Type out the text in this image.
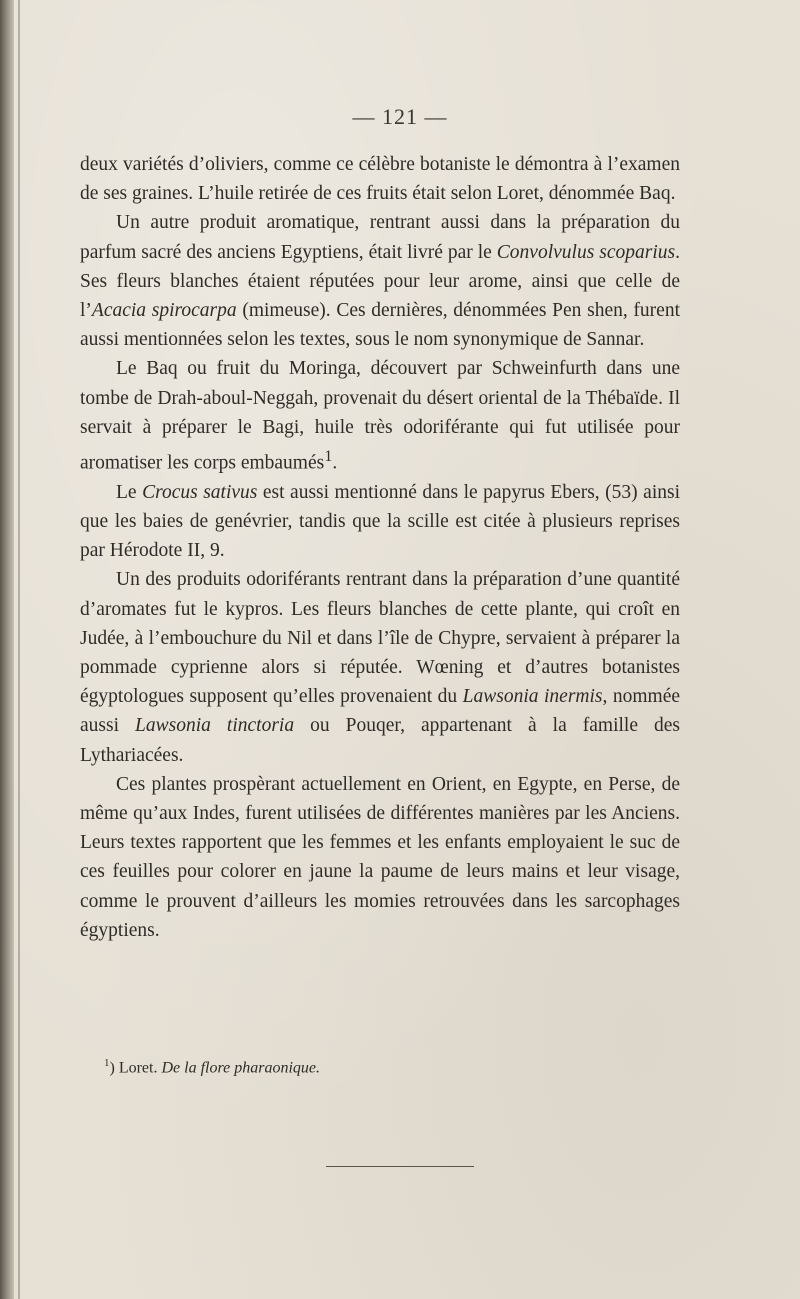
— 121 —

deux variétés d’oliviers, comme ce célèbre botaniste le démontra à l’examen de ses graines. L’huile retirée de ces fruits était selon Loret, dénommée Baq.

Un autre produit aromatique, rentrant aussi dans la préparation du parfum sacré des anciens Egyptiens, était livré par le Convolvulus scoparius. Ses fleurs blanches étaient réputées pour leur arome, ainsi que celle de l’Acacia spirocarpa (mimeuse). Ces dernières, dénommées Pen shen, furent aussi mentionnées selon les textes, sous le nom synonymique de Sannar.

Le Baq ou fruit du Moringa, découvert par Schweinfurth dans une tombe de Drah-aboul-Neggah, provenait du désert oriental de la Thébaïde. Il servait à préparer le Bagi, huile très odoriférante qui fut utilisée pour aromatiser les corps embaumés$^1$.

Le Crocus sativus est aussi mentionné dans le papyrus Ebers, (53) ainsi que les baies de genévrier, tandis que la scille est citée à plusieurs reprises par Hérodote II, 9.

Un des produits odoriférants rentrant dans la préparation d’une quantité d’aromates fut le kypros. Les fleurs blanches de cette plante, qui croît en Judée, à l’embouchure du Nil et dans l’île de Chypre, servaient à préparer la pommade cyprienne alors si réputée. Wœning et d’autres botanistes égyptologues supposent qu’elles provenaient du Lawsonia inermis, nommée aussi Lawsonia tinctoria ou Pouqer, appartenant à la famille des Lythariacées.

Ces plantes prospèrant actuellement en Orient, en Egypte, en Perse, de même qu’aux Indes, furent utilisées de différentes manières par les Anciens. Leurs textes rapportent que les femmes et les enfants employaient le suc de ces feuilles pour colorer en jaune la paume de leurs mains et leur visage, comme le prouvent d’ailleurs les momies retrouvées dans les sarcophages égyptiens.

$^1$) Loret. De la flore pharaonique.
